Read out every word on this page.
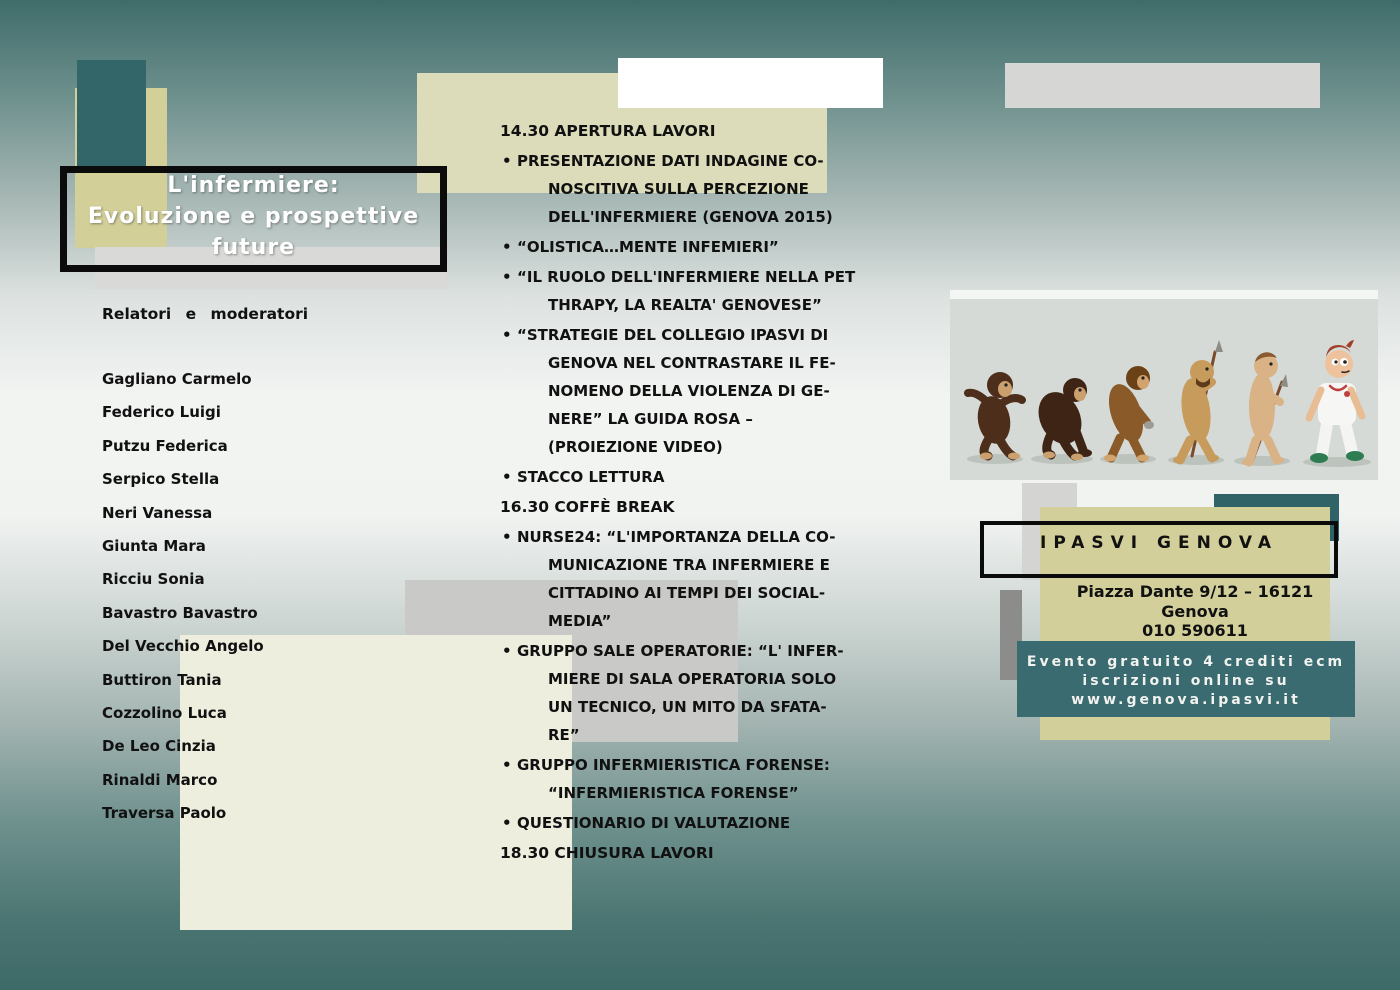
L'infermiere:
Evoluzione e prospettive
future
Relatori e moderatori
Gagliano Carmelo
Federico Luigi
Putzu Federica
Serpico Stella
Neri Vanessa
Giunta Mara
Ricciu Sonia
Bavastro Bavastro
Del Vecchio Angelo
Buttiron Tania
Cozzolino Luca
De Leo Cinzia
Rinaldi Marco
Traversa Paolo
14.30 APERTURA LAVORI
• PRESENTAZIONE DATI INDAGINE CO-
NOSCITIVA SULLA PERCEZIONE
DELL'INFERMIERE (GENOVA 2015)
• “OLISTICA…MENTE INFEMIERI”
• “IL RUOLO DELL'INFERMIERE NELLA PET
THRAPY, LA REALTA' GENOVESE”
• “STRATEGIE DEL COLLEGIO IPASVI DI
GENOVA NEL CONTRASTARE IL FE-
NOMENO DELLA VIOLENZA DI GE-
NERE” LA GUIDA ROSA –
(PROIEZIONE VIDEO)
• STACCO LETTURA
16.30 COFFÈ BREAK
• NURSE24: “L'IMPORTANZA DELLA CO-
MUNICAZIONE TRA INFERMIERE E
CITTADINO AI TEMPI DEI SOCIAL-
MEDIA”
• GRUPPO SALE OPERATORIE: “L' INFER-
MIERE DI SALA OPERATORIA SOLO
UN TECNICO, UN MITO DA SFATA-
RE”
• GRUPPO INFERMIERISTICA FORENSE:
“INFERMIERISTICA FORENSE”
• QUESTIONARIO DI VALUTAZIONE
18.30 CHIUSURA LAVORI
IPASVI GENOVA
Piazza Dante 9/12 – 16121
Genova
010 590611
Evento gratuito 4 crediti ecm
iscrizioni online su
www.genova.ipasvi.it
